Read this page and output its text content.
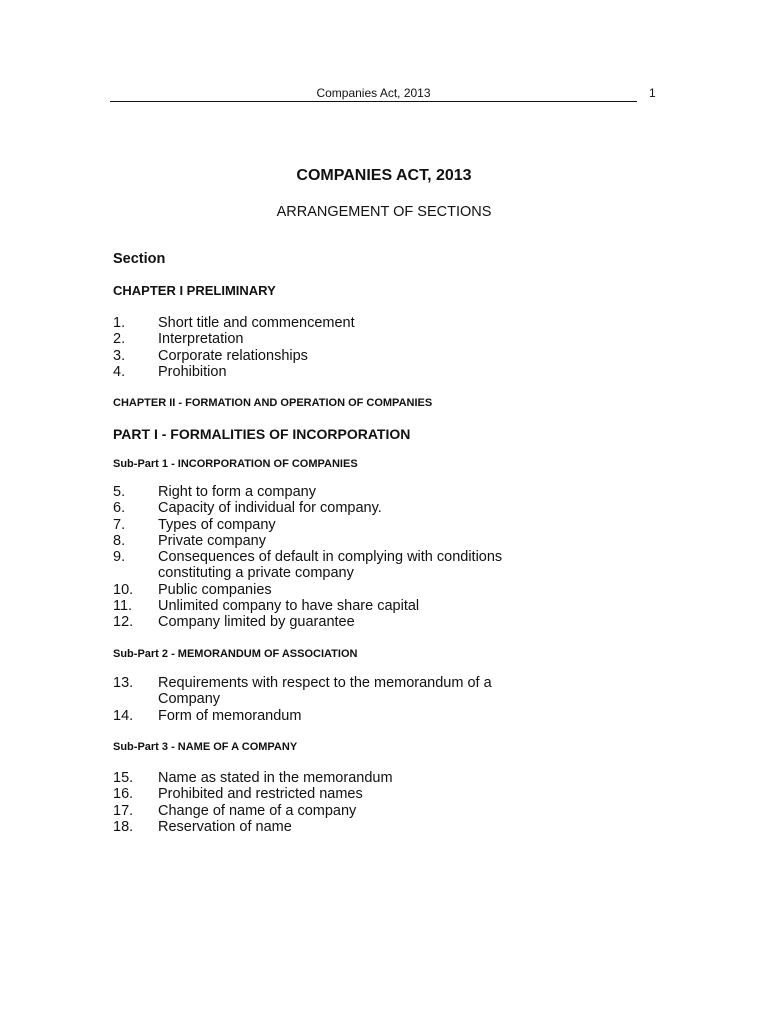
Companies Act, 2013	1
COMPANIES ACT, 2013
ARRANGEMENT OF SECTIONS
Section
CHAPTER I PRELIMINARY
1.	Short title and commencement
2.	Interpretation
3.	Corporate relationships
4.	Prohibition
CHAPTER II - FORMATION AND OPERATION OF COMPANIES
PART I - FORMALITIES OF INCORPORATION
Sub-Part 1 - INCORPORATION OF COMPANIES
5.	Right to form a company
6.	Capacity of individual for company.
7.	Types of company
8.	Private company
9.	Consequences of default in complying with conditions constituting a private company
10.	Public companies
11.	Unlimited company to have share capital
12.	Company limited by guarantee
Sub-Part 2 - MEMORANDUM OF ASSOCIATION
13.	Requirements with respect to the memorandum of a Company
14.	Form of memorandum
Sub-Part 3 - NAME OF A COMPANY
15.	Name as stated in the memorandum
16.	Prohibited and restricted names
17.	Change of name of a company
18.	Reservation of name
